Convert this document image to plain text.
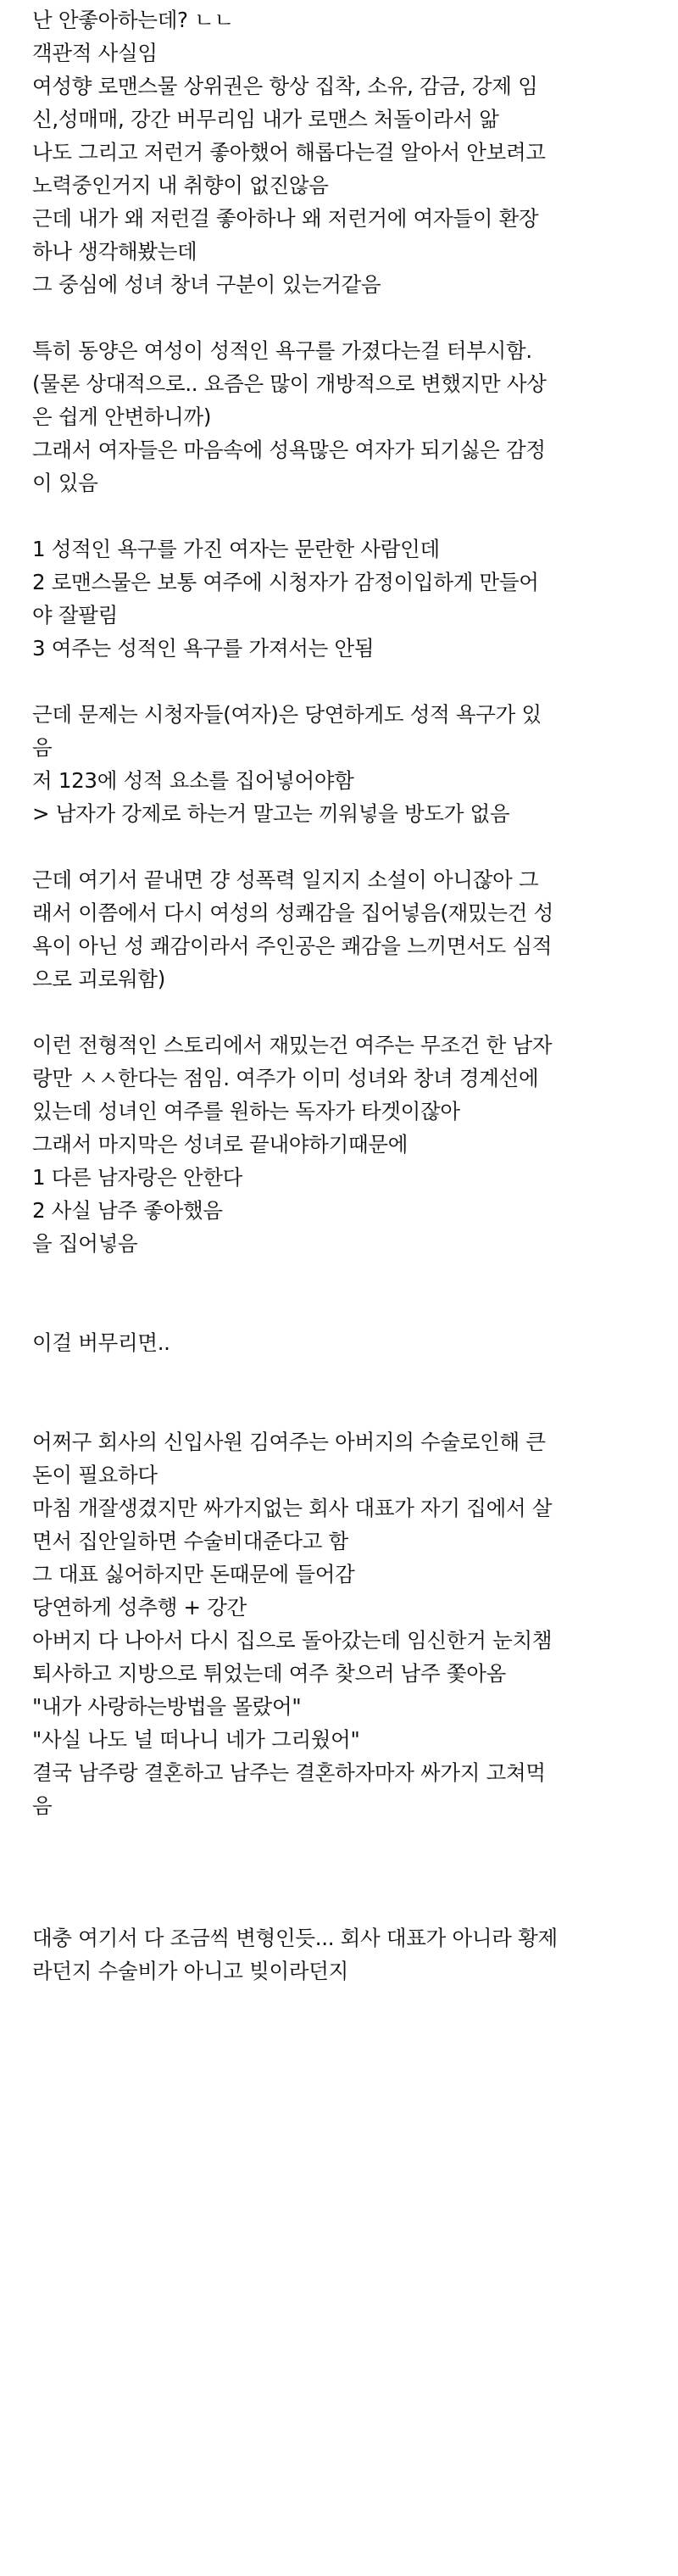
난 안좋아하는데? ㄴㄴ
객관적 사실임
여성향 로맨스물 상위권은 항상 집착, 소유, 감금, 강제 임
신,성매매, 강간 버무리임 내가 로맨스 처돌이라서 앎
나도 그리고 저런거 좋아했어 해롭다는걸 알아서 안보려고
노력중인거지 내 취향이 없진않음
근데 내가 왜 저런걸 좋아하나 왜 저런거에 여자들이 환장
하나 생각해봤는데
그 중심에 성녀 창녀 구분이 있는거같음
특히 동양은 여성이 성적인 욕구를 가졌다는걸 터부시함.
(물론 상대적으로.. 요즘은 많이 개방적으로 변했지만 사상
은 쉽게 안변하니까)
그래서 여자들은 마음속에 성욕많은 여자가 되기싫은 감정
이 있음
1 성적인 욕구를 가진 여자는 문란한 사람인데
2 로맨스물은 보통 여주에 시청자가 감정이입하게 만들어
야 잘팔림
3 여주는 성적인 욕구를 가져서는 안됨
근데 문제는 시청자들(여자)은 당연하게도 성적 욕구가 있
음
저 123에 성적 요소를 집어넣어야함
> 남자가 강제로 하는거 말고는 끼워넣을 방도가 없음
근데 여기서 끝내면 걍 성폭력 일지지 소설이 아니잖아 그
래서 이쯤에서 다시 여성의 성쾌감을 집어넣음(재밌는건 성
욕이 아닌 성 쾌감이라서 주인공은 쾌감을 느끼면서도 심적
으로 괴로워함)
이런 전형적인 스토리에서 재밌는건 여주는 무조건 한 남자
랑만 ㅅㅅ한다는 점임. 여주가 이미 성녀와 창녀 경계선에
있는데 성녀인 여주를 원하는 독자가 타겟이잖아
그래서 마지막은 성녀로 끝내야하기때문에
1 다른 남자랑은 안한다
2 사실 남주 좋아했음
을 집어넣음
이걸 버무리면..
어쩌구 회사의 신입사원 김여주는 아버지의 수술로인해 큰
돈이 필요하다
마침 개잘생겼지만 싸가지없는 회사 대표가 자기 집에서 살
면서 집안일하면 수술비대준다고 함
그 대표 싫어하지만 돈때문에 들어감
당연하게 성추행 + 강간
아버지 다 나아서 다시 집으로 돌아갔는데 임신한거 눈치챔
퇴사하고 지방으로 튀었는데 여주 찾으러 남주 쫓아옴
"내가 사랑하는방법을 몰랐어"
"사실 나도 널 떠나니 네가 그리웠어"
결국 남주랑 결혼하고 남주는 결혼하자마자 싸가지 고쳐먹
음
대충 여기서 다 조금씩 변형인듯... 회사 대표가 아니라 황제
라던지 수술비가 아니고 빚이라던지
